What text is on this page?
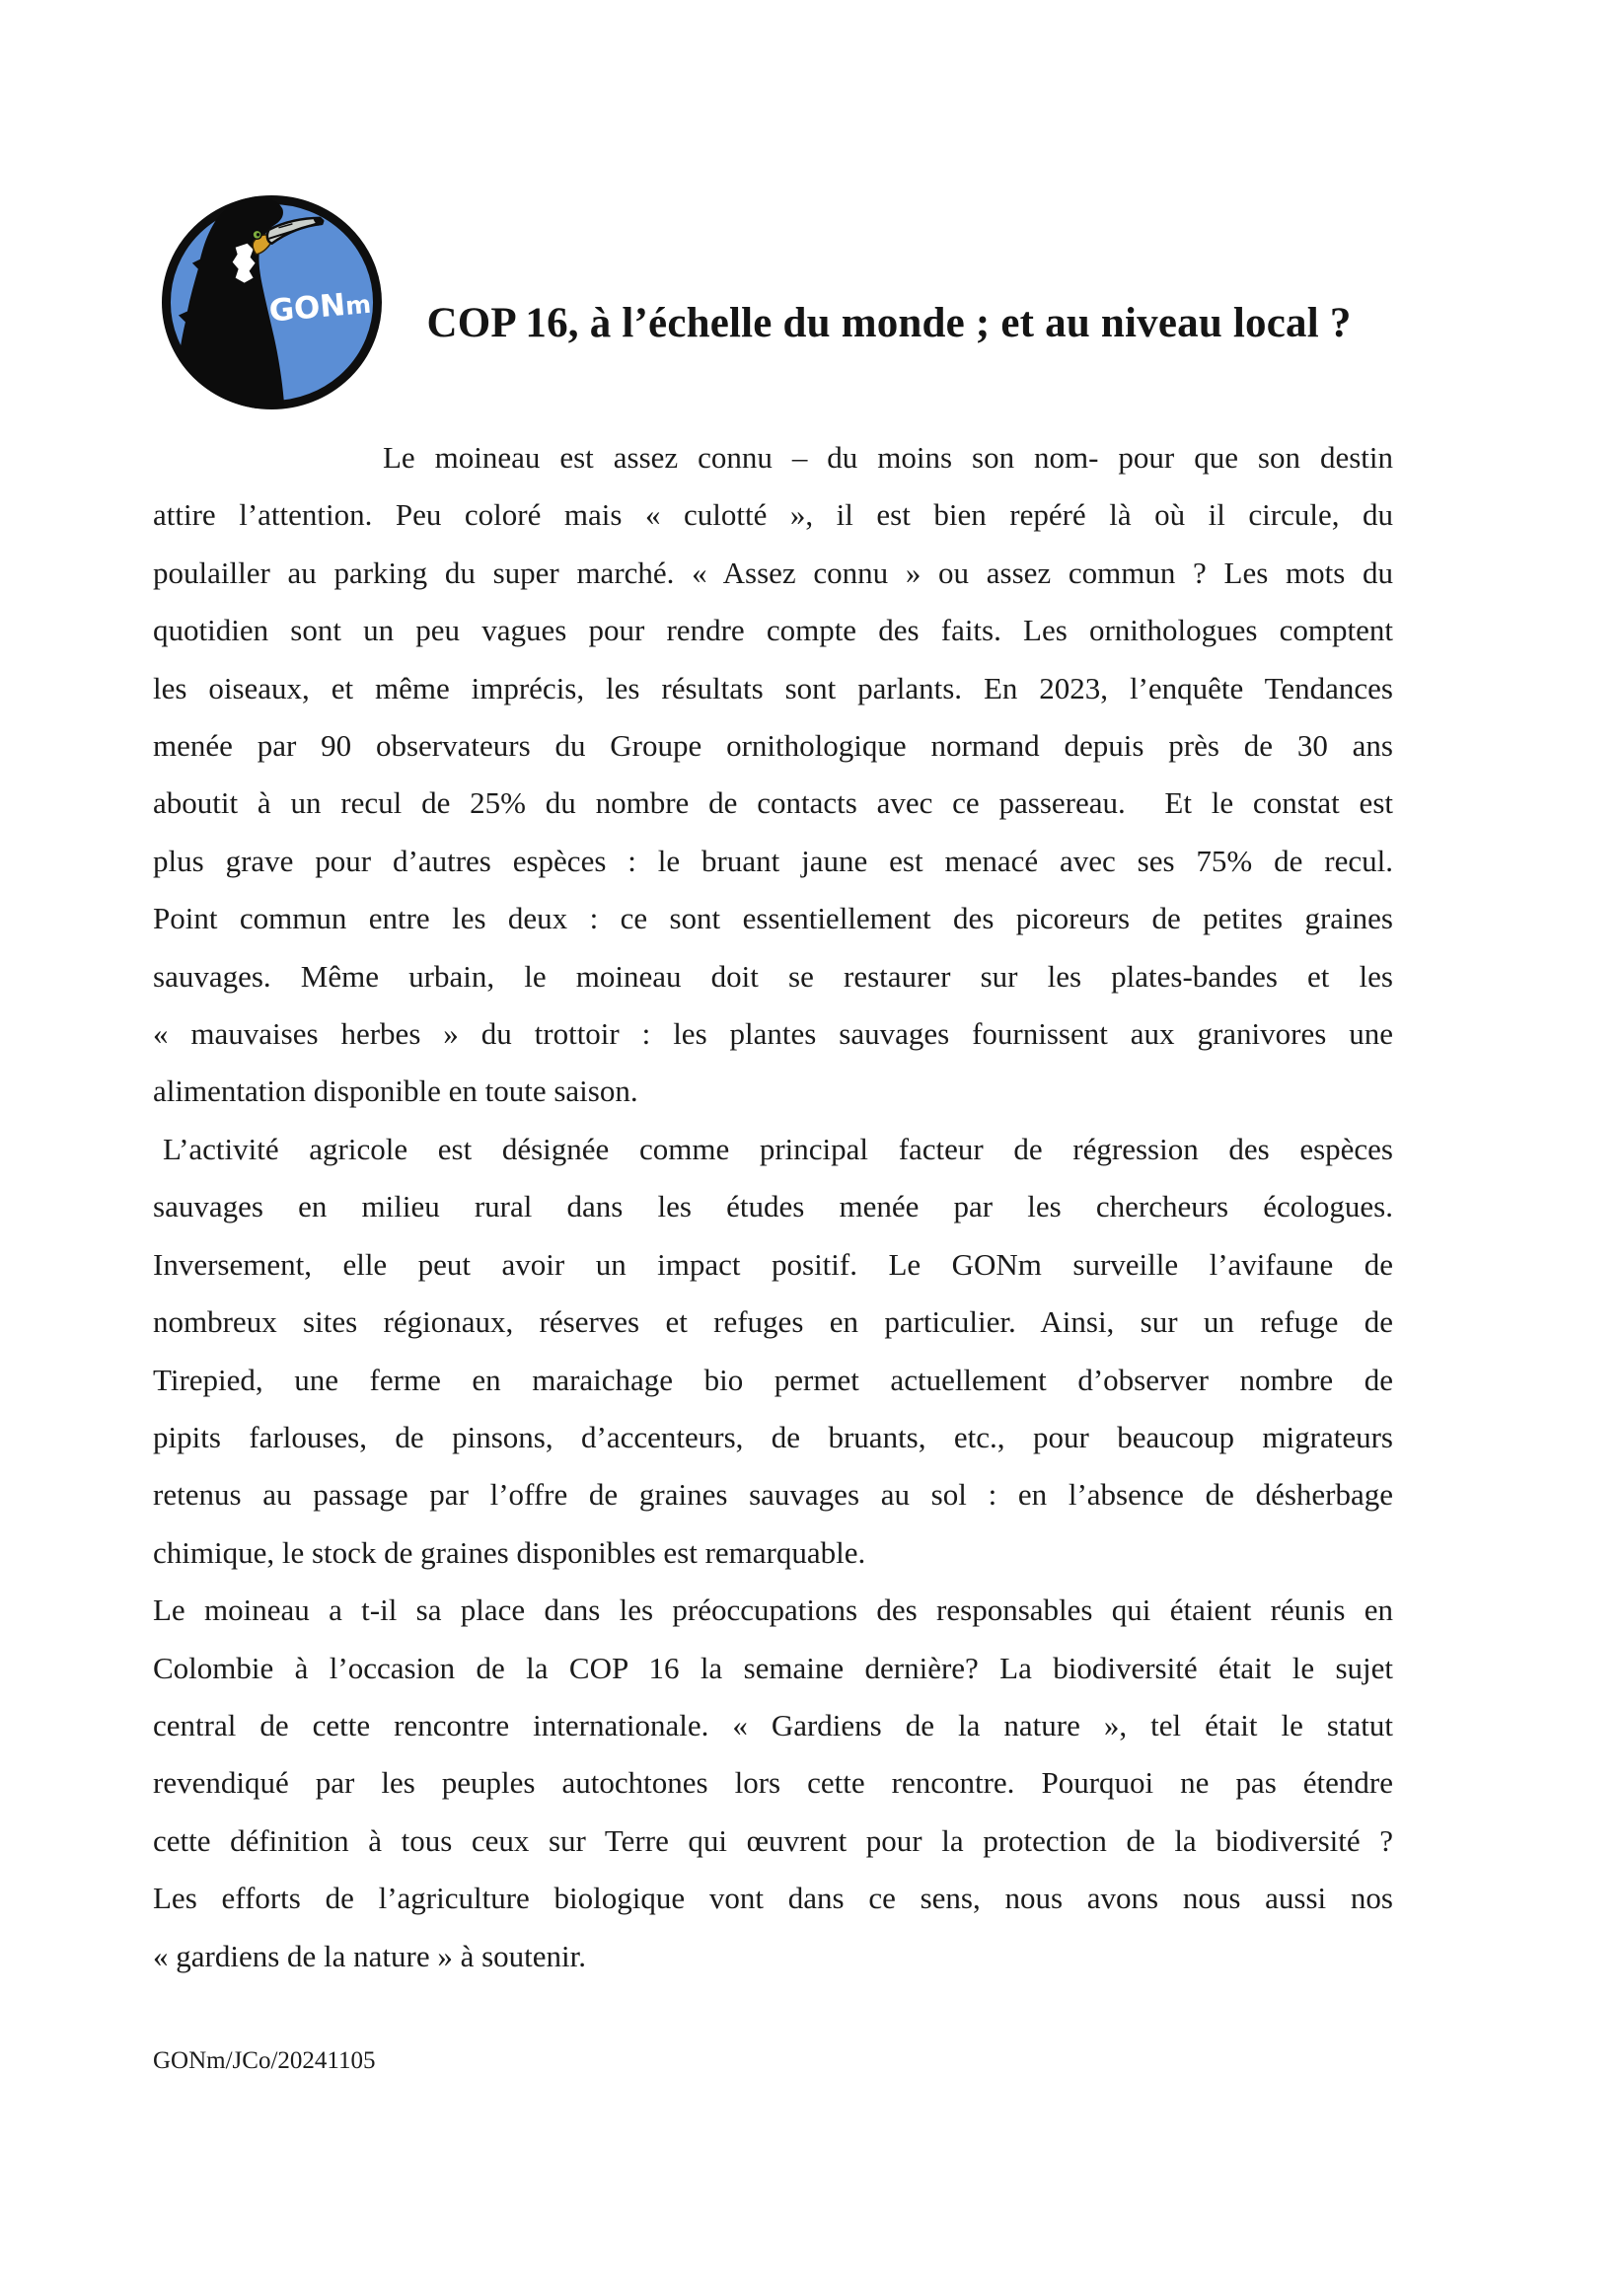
GONm	COP 16, à l’échelle du monde ; et au niveau local ?
Le moineau est assez connu – du moins son nom- pour que son destin
attire l’attention. Peu coloré mais « culotté », il est bien repéré là où il circule, du
poulailler au parking du super marché. « Assez connu » ou assez commun ? Les mots du
quotidien sont un peu vagues pour rendre compte des faits. Les ornithologues comptent
les oiseaux, et même imprécis, les résultats sont parlants. En 2023, l’enquête Tendances
menée par 90 observateurs du Groupe ornithologique normand depuis près de 30 ans
aboutit à un recul de 25% du nombre de contacts avec ce passereau.  Et le constat est
plus grave pour d’autres espèces : le bruant jaune est menacé avec ses 75% de recul.
Point commun entre les deux : ce sont essentiellement des picoreurs de petites graines
sauvages. Même urbain, le moineau doit se restaurer sur les plates-bandes et les
« mauvaises herbes » du trottoir : les plantes sauvages fournissent aux granivores une
alimentation disponible en toute saison.
L’activité agricole est désignée comme principal facteur de régression des espèces
sauvages en milieu rural dans les études menée par les chercheurs écologues.
Inversement, elle peut avoir un impact positif. Le GONm surveille l’avifaune de
nombreux sites régionaux, réserves et refuges en particulier. Ainsi, sur un refuge de
Tirepied, une ferme en maraichage bio permet actuellement d’observer nombre de
pipits farlouses, de pinsons, d’accenteurs, de bruants, etc., pour beaucoup migrateurs
retenus au passage par l’offre de graines sauvages au sol : en l’absence de désherbage
chimique, le stock de graines disponibles est remarquable.
Le moineau a t-il sa place dans les préoccupations des responsables qui étaient réunis en
Colombie à l’occasion de la COP 16 la semaine dernière? La biodiversité était le sujet
central de cette rencontre internationale. « Gardiens de la nature », tel était le statut
revendiqué par les peuples autochtones lors cette rencontre. Pourquoi ne pas étendre
cette définition à tous ceux sur Terre qui œuvrent pour la protection de la biodiversité ?
Les efforts de l’agriculture biologique vont dans ce sens, nous avons nous aussi nos
« gardiens de la nature » à soutenir.
GONm/JCo/20241105
